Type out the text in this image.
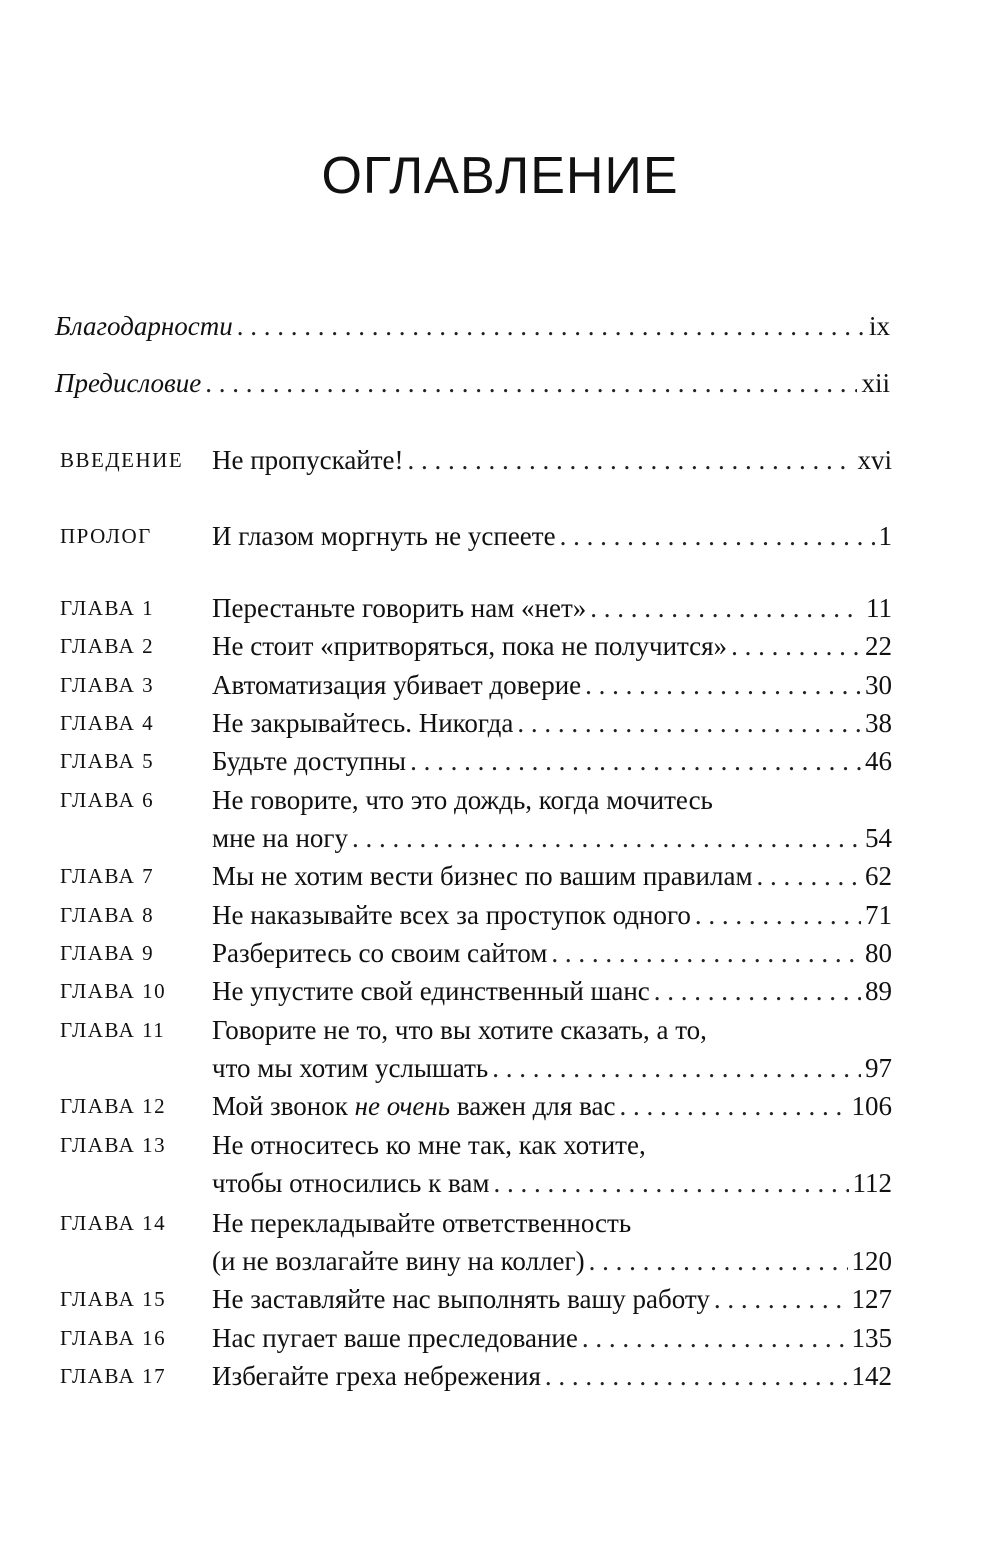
ОГЛАВЛЕНИЕ
Благодарности . . .	ix
Предисловие . . .	xii
ВВЕДЕНИЕ	Не пропускайте! . . .	xvi
ПРОЛОГ	И глазом моргнуть не успеете . . .	1
ГЛАВА 1	Перестаньте говорить нам «нет» . . .	11
ГЛАВА 2	Не стоит «притворяться, пока не получится» . . .	22
ГЛАВА 3	Автоматизация убивает доверие . . .	30
ГЛАВА 4	Не закрывайтесь. Никогда . . .	38
ГЛАВА 5	Будьте доступны . . .	46
ГЛАВА 6	Не говорите, что это дождь, когда мочитесь
мне на ногу . . .	54
ГЛАВА 7	Мы не хотим вести бизнес по вашим правилам . . .	62
ГЛАВА 8	Не наказывайте всех за проступок одного . . .	71
ГЛАВА 9	Разберитесь со своим сайтом . . .	80
ГЛАВА 10	Не упустите свой единственный шанс . . .	89
ГЛАВА 11	Говорите не то, что вы хотите сказать, а то,
что мы хотим услышать . . .	97
ГЛАВА 12	Мой звонок не очень важен для вас . . .	106
ГЛАВА 13	Не относитесь ко мне так, как хотите,
чтобы относились к вам . . .	112
ГЛАВА 14	Не перекладывайте ответственность
(и не возлагайте вину на коллег) . . .	120
ГЛАВА 15	Не заставляйте нас выполнять вашу работу . . .	127
ГЛАВА 16	Нас пугает ваше преследование . . .	135
ГЛАВА 17	Избегайте греха небрежения . . .	142
